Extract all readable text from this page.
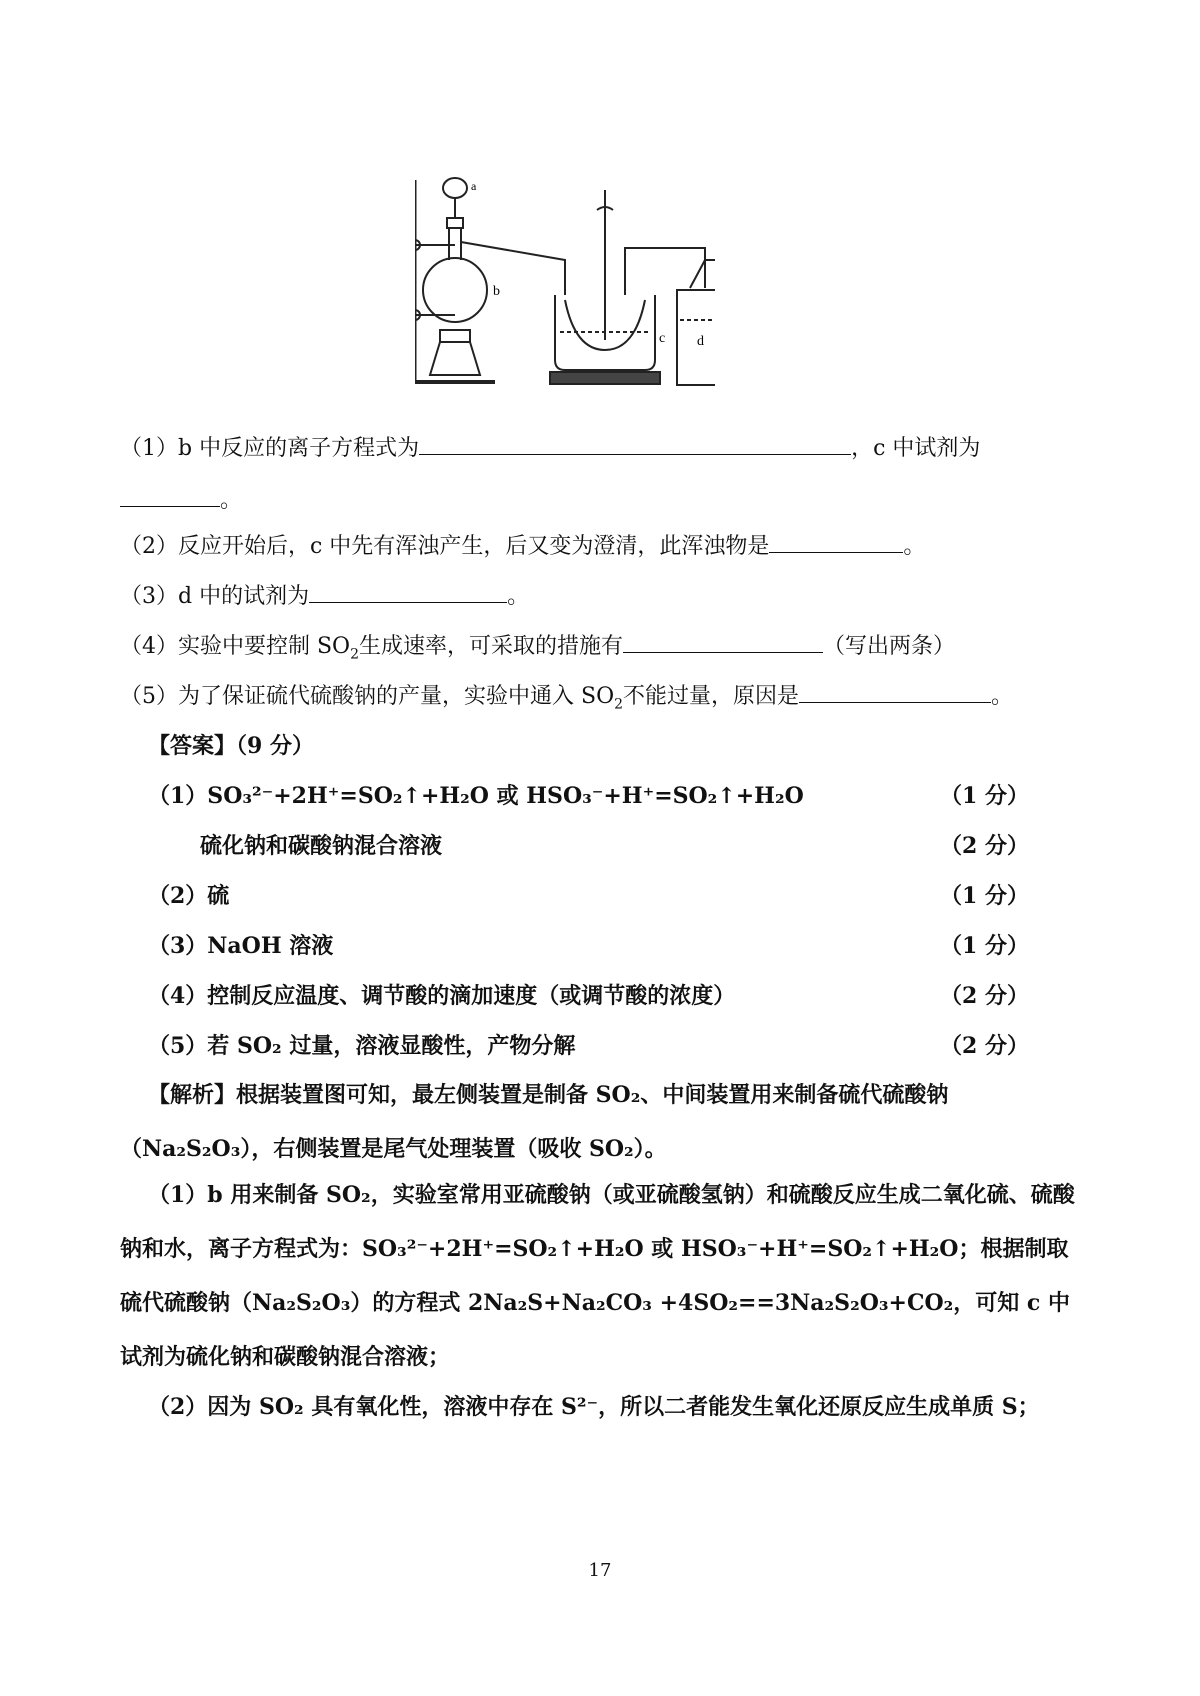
a
b
c d
（1）b 中反应的离子方程式为	，c 中试剂为
。
（2）反应开始后，c 中先有浑浊产生，后又变为澄清，此浑浊物是	。
（3）d 中的试剂为	。
（4）实验中要控制 $SO_2$生成速率，可采取的措施有	（写出两条）
（5）为了保证硫代硫酸钠的产量，实验中通入 $SO_2$不能过量，原因是	。
【答案】（9 分）
（1）SO₃²⁻+2H⁺=SO₂↑+H₂O 或 HSO₃⁻+H⁺=SO₂↑+H₂O	（1 分）
硫化钠和碳酸钠混合溶液	（2 分）
（2）硫	（1 分）
（3）NaOH 溶液	（1 分）
（4）控制反应温度、调节酸的滴加速度（或调节酸的浓度）	（2 分）
（5）若 SO₂ 过量，溶液显酸性，产物分解	（2 分）
【解析】根据装置图可知，最左侧装置是制备 SO₂、中间装置用来制备硫代硫酸钠（Na₂S₂O₃），右侧装置是尾气处理装置（吸收 SO₂）。
（1）b 用来制备 SO₂，实验室常用亚硫酸钠（或亚硫酸氢钠）和硫酸反应生成二氧化硫、硫酸钠和水，离子方程式为：SO₃²⁻+2H⁺=SO₂↑+H₂O 或 HSO₃⁻+H⁺=SO₂↑+H₂O；根据制取硫代硫酸钠（Na₂S₂O₃）的方程式 2Na₂S+Na₂CO₃ +4SO₂==3Na₂S₂O₃+CO₂，可知 c 中试剂为硫化钠和碳酸钠混合溶液；
（2）因为 SO₂ 具有氧化性，溶液中存在 S²⁻，所以二者能发生氧化还原反应生成单质 S；
17
